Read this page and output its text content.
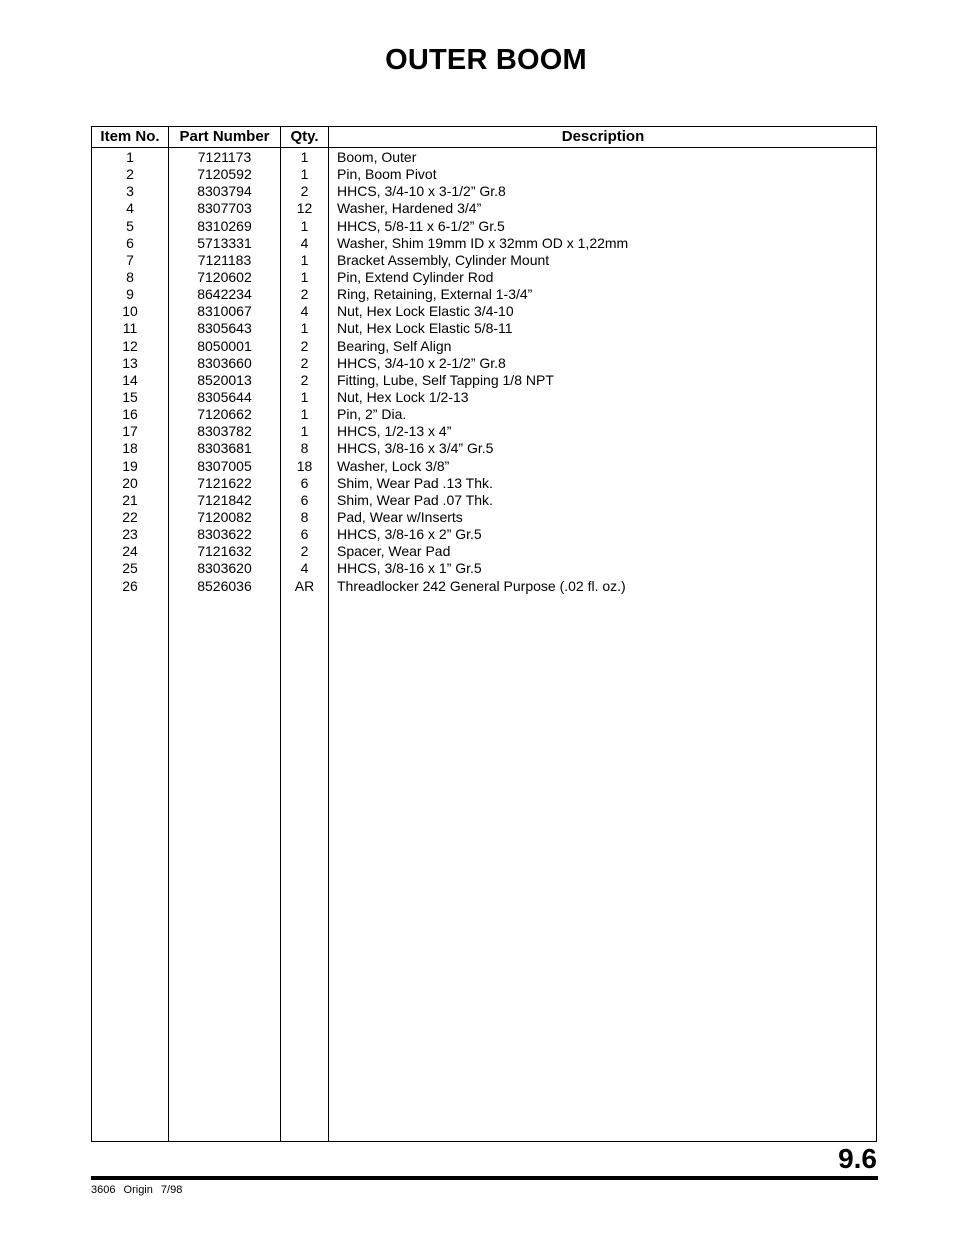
OUTER BOOM
Item No.	Part Number	Qty.	Description
1	7121173	1	Boom, Outer
2	7120592	1	Pin, Boom Pivot
3	8303794	2	HHCS, 3/4-10 x 3-1/2” Gr.8
4	8307703	12	Washer, Hardened 3/4”
5	8310269	1	HHCS, 5/8-11 x 6-1/2” Gr.5
6	5713331	4	Washer, Shim 19mm ID x 32mm OD x 1,22mm
7	7121183	1	Bracket Assembly, Cylinder Mount
8	7120602	1	Pin, Extend Cylinder Rod
9	8642234	2	Ring, Retaining, External 1-3/4”
10	8310067	4	Nut, Hex Lock Elastic 3/4-10
11	8305643	1	Nut, Hex Lock Elastic 5/8-11
12	8050001	2	Bearing, Self Align
13	8303660	2	HHCS, 3/4-10 x 2-1/2” Gr.8
14	8520013	2	Fitting, Lube, Self Tapping 1/8 NPT
15	8305644	1	Nut, Hex Lock 1/2-13
16	7120662	1	Pin, 2” Dia.
17	8303782	1	HHCS, 1/2-13 x 4”
18	8303681	8	HHCS, 3/8-16 x 3/4” Gr.5
19	8307005	18	Washer, Lock 3/8”
20	7121622	6	Shim, Wear Pad .13 Thk.
21	7121842	6	Shim, Wear Pad .07 Thk.
22	7120082	8	Pad, Wear w/Inserts
23	8303622	6	HHCS, 3/8-16 x 2” Gr.5
24	7121632	2	Spacer, Wear Pad
25	8303620	4	HHCS, 3/8-16 x 1” Gr.5
26	8526036	AR	Threadlocker 242 General Purpose (.02 fl. oz.)
9.6
3606 Origin 7/98
